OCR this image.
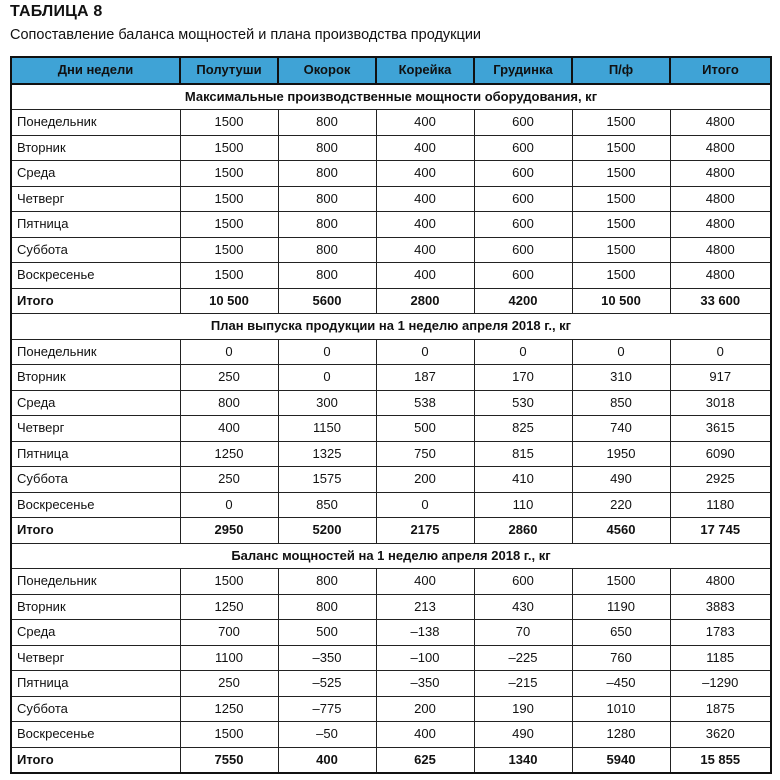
ТАБЛИЦА 8
Сопоставление баланса мощностей и плана производства продукции
Дни недели	Полутуши	Окорок	Корейка	Грудинка	П/ф	Итого
Максимальные производственные мощности оборудования, кг						
Понедельник	1500	800	400	600	1500	4800
Вторник	1500	800	400	600	1500	4800
Среда	1500	800	400	600	1500	4800
Четверг	1500	800	400	600	1500	4800
Пятница	1500	800	400	600	1500	4800
Суббота	1500	800	400	600	1500	4800
Воскресенье	1500	800	400	600	1500	4800
Итого	10 500	5600	2800	4200	10 500	33 600
План выпуска продукции на 1 неделю апреля 2018 г., кг						
Понедельник	0	0	0	0	0	0
Вторник	250	0	187	170	310	917
Среда	800	300	538	530	850	3018
Четверг	400	1150	500	825	740	3615
Пятница	1250	1325	750	815	1950	6090
Суббота	250	1575	200	410	490	2925
Воскресенье	0	850	0	110	220	1180
Итого	2950	5200	2175	2860	4560	17 745
Баланс мощностей на 1 неделю апреля 2018 г., кг						
Понедельник	1500	800	400	600	1500	4800
Вторник	1250	800	213	430	1190	3883
Среда	700	500	–138	70	650	1783
Четверг	1100	–350	–100	–225	760	1185
Пятница	250	–525	–350	–215	–450	–1290
Суббота	1250	–775	200	190	1010	1875
Воскресенье	1500	–50	400	490	1280	3620
Итого	7550	400	625	1340	5940	15 855
